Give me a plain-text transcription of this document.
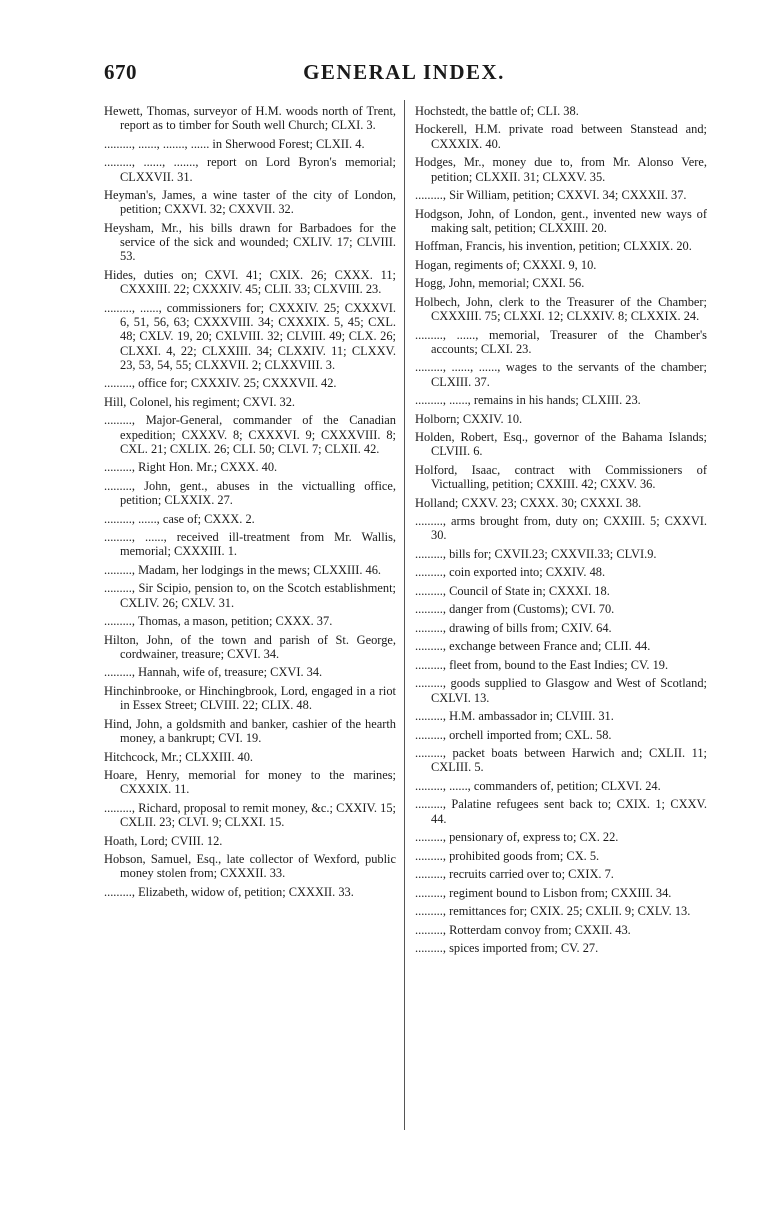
670	GENERAL INDEX.

Hewett, Thomas, surveyor of H.M. woods north of Trent, report as to timber for South well Church; CLXI. 3.

........., ......, ......., ...... in Sherwood Forest; CLXII. 4.

........., ......, ......., report on Lord Byron's memorial; CLXXVII. 31.

Heyman's, James, a wine taster of the city of London, petition; CXXVI. 32; CXXVII. 32.

Heysham, Mr., his bills drawn for Barbadoes for the service of the sick and wounded; CXLIV. 17; CLVIII. 53.

Hides, duties on; CXVI. 41; CXIX. 26; CXXX. 11; CXXXIII. 22; CXXXIV. 45; CLII. 33; CLXVIII. 23.

........., ......, commissioners for; CXXXIV. 25; CXXXVI. 6, 51, 56, 63; CXXXVIII. 34; CXXXIX. 5, 45; CXL. 48; CXLV. 19, 20; CXLVIII. 32; CLVIII. 49; CLX. 26; CLXXI. 4, 22; CLXXIII. 34; CLXXIV. 11; CLXXV. 23, 53, 54, 55; CLXXVII. 2; CLXXVIII. 3.

........., office for; CXXXIV. 25; CXXXVII. 42.

Hill, Colonel, his regiment; CXVI. 32.

........., Major-General, commander of the Canadian expedition; CXXXV. 8; CXXXVI. 9; CXXXVIII. 8; CXL. 21; CXLIX. 26; CLI. 50; CLVI. 7; CLXII. 42.

........., Right Hon. Mr.; CXXX. 40.

........., John, gent., abuses in the victualling office, petition; CLXXIX. 27.

........., ......, case of; CXXX. 2.

........., ......, received ill-treatment from Mr. Wallis, memorial; CXXXIII. 1.

........., Madam, her lodgings in the mews; CLXXIII. 46.

........., Sir Scipio, pension to, on the Scotch establishment; CXLIV. 26; CXLV. 31.

........., Thomas, a mason, petition; CXXX. 37.

Hilton, John, of the town and parish of St. George, cordwainer, treasure; CXVI. 34.

........., Hannah, wife of, treasure; CXVI. 34.

Hinchinbrooke, or Hinchingbrook, Lord, engaged in a riot in Essex Street; CLVIII. 22; CLIX. 48.

Hind, John, a goldsmith and banker, cashier of the hearth money, a bankrupt; CVI. 19.

Hitchcock, Mr.; CLXXIII. 40.

Hoare, Henry, memorial for money to the marines; CXXXIX. 11.

........., Richard, proposal to remit money, &c.; CXXIV. 15; CXLII. 23; CLVI. 9; CLXXI. 15.

Hoath, Lord; CVIII. 12.

Hobson, Samuel, Esq., late collector of Wexford, public money stolen from; CXXXII. 33.

........., Elizabeth, widow of, petition; CXXXII. 33.

Hochstedt, the battle of; CLI. 38.

Hockerell, H.M. private road between Stanstead and; CXXXIX. 40.

Hodges, Mr., money due to, from Mr. Alonso Vere, petition; CLXXII. 31; CLXXV. 35.

........., Sir William, petition; CXXVI. 34; CXXXII. 37.

Hodgson, John, of London, gent., invented new ways of making salt, petition; CLXXIII. 20.

Hoffman, Francis, his invention, petition; CLXXIX. 20.

Hogan, regiments of; CXXXI. 9, 10.

Hogg, John, memorial; CXXI. 56.

Holbech, John, clerk to the Treasurer of the Chamber; CXXXIII. 75; CLXXI. 12; CLXXIV. 8; CLXXIX. 24.

........., ......, memorial, Treasurer of the Chamber's accounts; CLXI. 23.

........., ......, ......, wages to the servants of the chamber; CLXIII. 37.

........., ......, remains in his hands; CLXIII. 23.

Holborn; CXXIV. 10.

Holden, Robert, Esq., governor of the Bahama Islands; CLVIII. 6.

Holford, Isaac, contract with Commissioners of Victualling, petition; CXXIII. 42; CXXV. 36.

Holland; CXXV. 23; CXXX. 30; CXXXI. 38.

........., arms brought from, duty on; CXXIII. 5; CXXVI. 30.

........., bills for; CXVII.23; CXXVII.33; CLVI.9.

........., coin exported into; CXXIV. 48.

........., Council of State in; CXXXI. 18.

........., danger from (Customs); CVI. 70.

........., drawing of bills from; CXIV. 64.

........., exchange between France and; CLII. 44.

........., fleet from, bound to the East Indies; CV. 19.

........., goods supplied to Glasgow and West of Scotland; CXLVI. 13.

........., H.M. ambassador in; CLVIII. 31.

........., orchell imported from; CXL. 58.

........., packet boats between Harwich and; CXLII. 11; CXLIII. 5.

........., ......, commanders of, petition; CLXVI. 24.

........., Palatine refugees sent back to; CXIX. 1; CXXV. 44.

........., pensionary of, express to; CX. 22.

........., prohibited goods from; CX. 5.

........., recruits carried over to; CXIX. 7.

........., regiment bound to Lisbon from; CXXIII. 34.

........., remittances for; CXIX. 25; CXLII. 9; CXLV. 13.

........., Rotterdam convoy from; CXXII. 43.

........., spices imported from; CV. 27.
